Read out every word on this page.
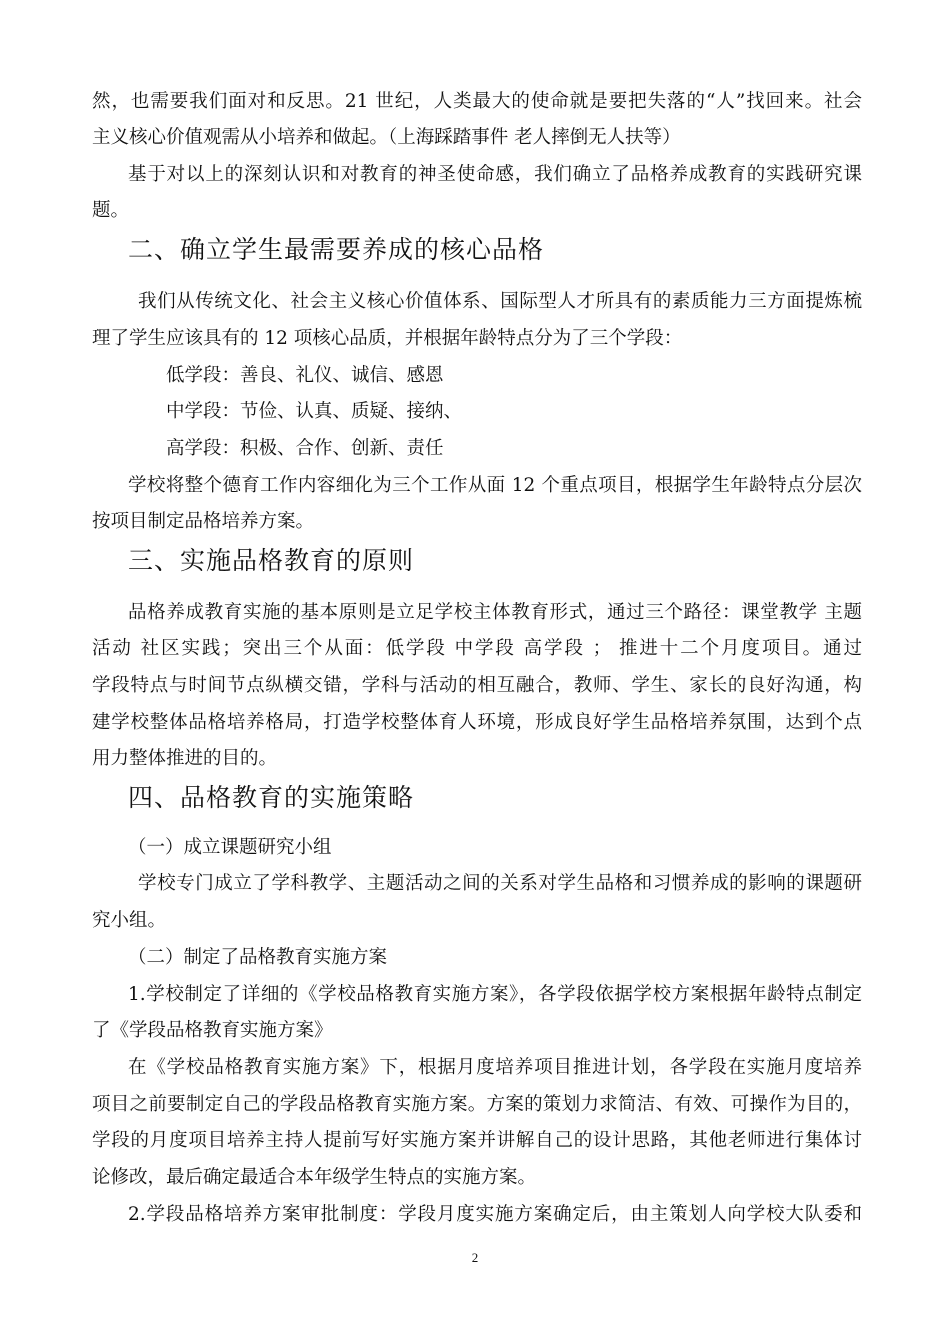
然，也需要我们面对和反思。21 世纪，人类最大的使命就是要把失落的“人”找回来。社会
主义核心价值观需从小培养和做起。（上海踩踏事件 老人摔倒无人扶等）
基于对以上的深刻认识和对教育的神圣使命感，我们确立了品格养成教育的实践研究课
题。
二、确立学生最需要养成的核心品格
我们从传统文化、社会主义核心价值体系、国际型人才所具有的素质能力三方面提炼梳
理了学生应该具有的 12 项核心品质，并根据年龄特点分为了三个学段：
低学段：善良、礼仪、诚信、感恩
中学段：节俭、认真、质疑、接纳、
高学段：积极、合作、创新、责任
学校将整个德育工作内容细化为三个工作从面 12 个重点项目，根据学生年龄特点分层次
按项目制定品格培养方案。
三、实施品格教育的原则
品格养成教育实施的基本原则是立足学校主体教育形式，通过三个路径：课堂教学 主题
活动 社区实践；突出三个从面：低学段 中学段 高学段 ； 推进十二个月度项目。通过
学段特点与时间节点纵横交错，学科与活动的相互融合，教师、学生、家长的良好沟通，构
建学校整体品格培养格局，打造学校整体育人环境，形成良好学生品格培养氛围，达到个点
用力整体推进的目的。
四、品格教育的实施策略
（一）成立课题研究小组
学校专门成立了学科教学、主题活动之间的关系对学生品格和习惯养成的影响的课题研
究小组。
（二）制定了品格教育实施方案
1.学校制定了详细的《学校品格教育实施方案》，各学段依据学校方案根据年龄特点制定
了《学段品格教育实施方案》
在《学校品格教育实施方案》下，根据月度培养项目推进计划，各学段在实施月度培养
项目之前要制定自己的学段品格教育实施方案。方案的策划力求简洁、有效、可操作为目的，
学段的月度项目培养主持人提前写好实施方案并讲解自己的设计思路，其他老师进行集体讨
论修改，最后确定最适合本年级学生特点的实施方案。
2.学段品格培养方案审批制度：学段月度实施方案确定后，由主策划人向学校大队委和
2
